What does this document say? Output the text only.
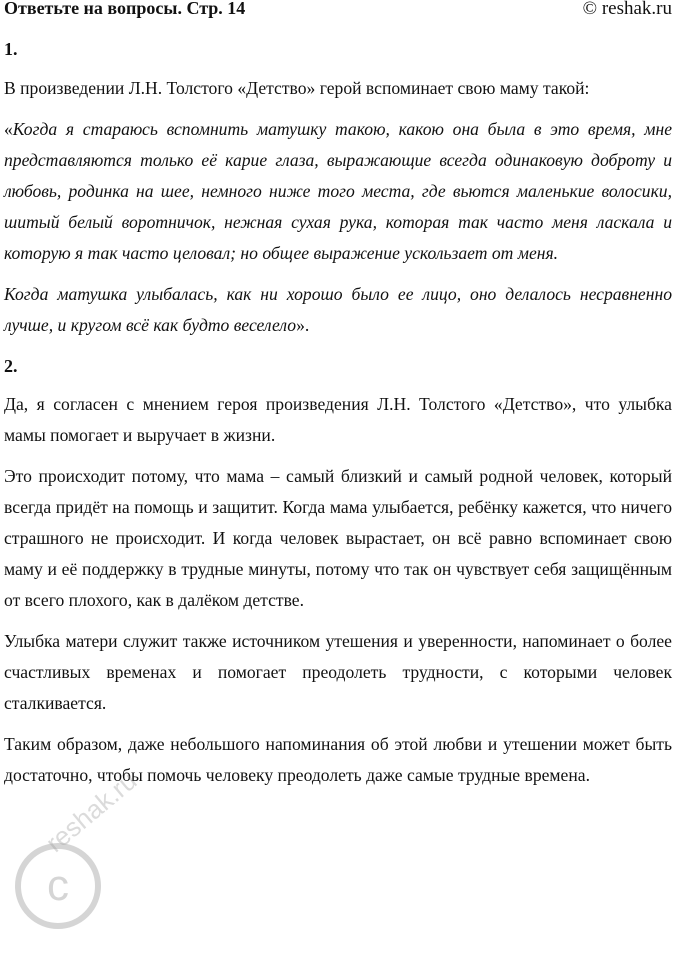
Ответьте на вопросы. Стр. 14	© reshak.ru
1.

В произведении Л.Н. Толстого «Детство» герой вспоминает свою маму такой:

«Когда я стараюсь вспомнить матушку такою, какою она была в это время, мне представляются только её карие глаза, выражающие всегда одинаковую доброту и любовь, родинка на шее, немного ниже того места, где вьются маленькие волосики, шитый белый воротничок, нежная сухая рука, которая так часто меня ласкала и которую я так часто целовал; но общее выражение ускользает от меня.

Когда матушка улыбалась, как ни хорошо было ее лицо, оно делалось несравненно лучше, и кругом всё как будто веселело».

2.

Да, я согласен с мнением героя произведения Л.Н. Толстого «Детство», что улыбка мамы помогает и выручает в жизни.

Это происходит потому, что мама – самый близкий и самый родной человек, который всегда придёт на помощь и защитит. Когда мама улыбается, ребёнку кажется, что ничего страшного не происходит. И когда человек вырастает, он всё равно вспоминает свою маму и её поддержку в трудные минуты, потому что так он чувствует себя защищённым от всего плохого, как в далёком детстве.

Улыбка матери служит также источником утешения и уверенности, напоминает о более счастливых временах и помогает преодолеть трудности, с которыми человек сталкивается.

Таким образом, даже небольшого напоминания об этой любви и утешении может быть достаточно, чтобы помочь человеку преодолеть даже самые трудные времена.

c
reshak.ru
